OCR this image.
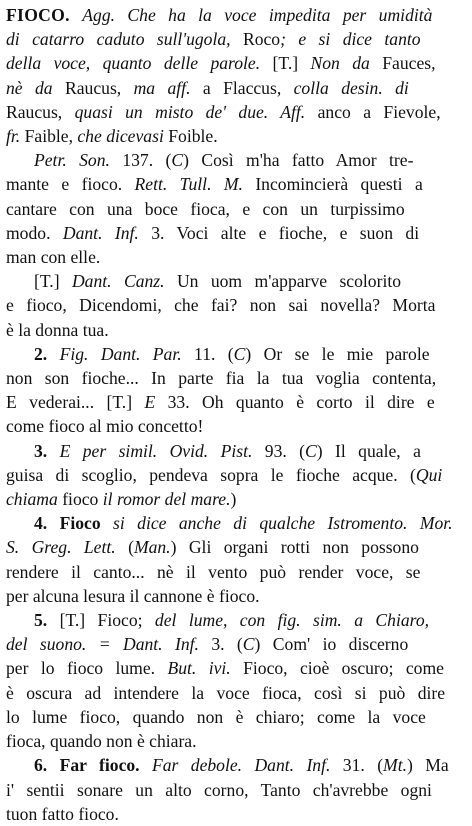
FIOCO. Agg. Che ha la voce impedita per umidità
di catarro caduto sull'ugola, Roco; e si dice tanto
della voce, quanto delle parole. [T.] Non da Fauces,
nè da Raucus, ma aff. a Flaccus, colla desin. di
Raucus, quasi un misto de' due. Aff. anco a Fievole,
fr. Faible, che dicevasi Foible.
Petr. Son. 137. (C) Così m'ha fatto Amor tre-
mante e fioco. Rett. Tull. M. Incomincierà questi a
cantare con una boce fioca, e con un turpissimo
modo. Dant. Inf. 3. Voci alte e fioche, e suon di
man con elle.
[T.] Dant. Canz. Un uom m'apparve scolorito
e fioco, Dicendomi, che fai? non sai novella? Morta
è la donna tua.
2. Fig. Dant. Par. 11. (C) Or se le mie parole
non son fioche... In parte fia la tua voglia contenta,
E vederai... [T.] E 33. Oh quanto è corto il dire e
come fioco al mio concetto!
3. E per simil. Ovid. Pist. 93. (C) Il quale, a
guisa di scoglio, pendeva sopra le fioche acque. (Qui
chiama fioco il romor del mare.)
4. Fioco si dice anche di qualche Istromento. Mor.
S. Greg. Lett. (Man.) Gli organi rotti non possono
rendere il canto... nè il vento può render voce, se
per alcuna lesura il cannone è fioco.
5. [T.] Fioco; del lume, con fig. sim. a Chiaro,
del suono. = Dant. Inf. 3. (C) Com' io discerno
per lo fioco lume. But. ivi. Fioco, cioè oscuro; come
è oscura ad intendere la voce fioca, così si può dire
lo lume fioco, quando non è chiaro; come la voce
fioca, quando non è chiara.
6. Far fioco. Far debole. Dant. Inf. 31. (Mt.) Ma
i' sentii sonare un alto corno, Tanto ch'avrebbe ogni
tuon fatto fioco.
